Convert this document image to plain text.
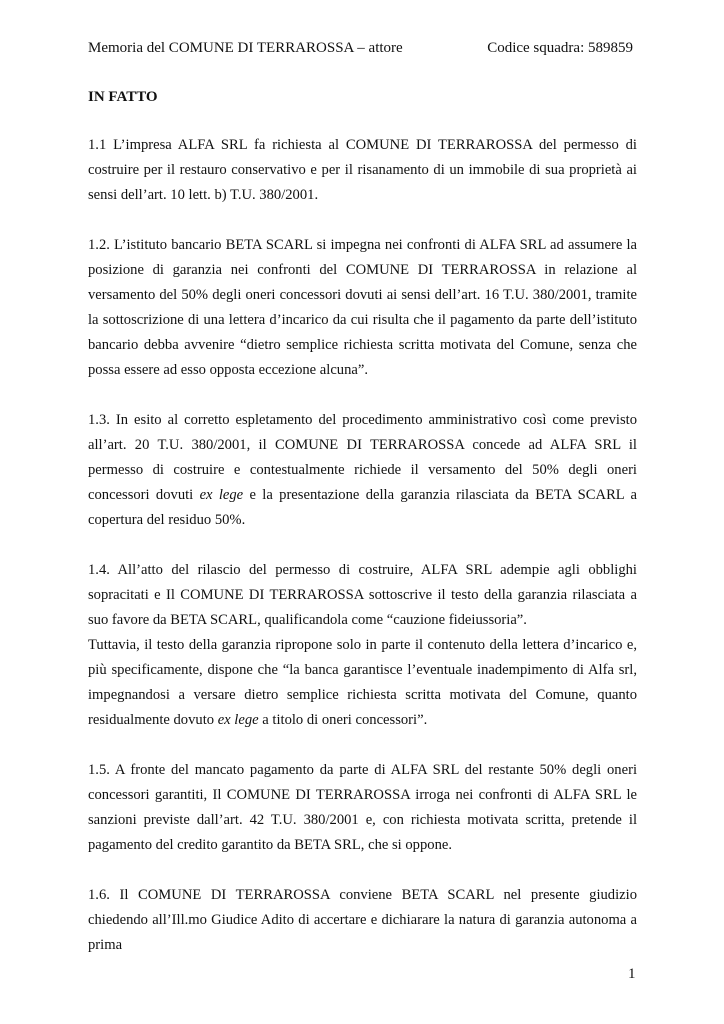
Memoria del COMUNE DI TERRAROSSA – attore	Codice squadra: 589859
IN FATTO

1.1 L’impresa ALFA SRL fa richiesta al COMUNE DI TERRAROSSA del permesso di costruire per il restauro conservativo e per il risanamento di un immobile di sua proprietà ai sensi dell’art. 10 lett. b) T.U. 380/2001.

1.2. L’istituto bancario BETA SCARL si impegna nei confronti di ALFA SRL ad assumere la posizione di garanzia nei confronti del COMUNE DI TERRAROSSA in relazione al versamento del 50% degli oneri concessori dovuti ai sensi dell’art. 16 T.U. 380/2001, tramite la sottoscrizione di una lettera d’incarico da cui risulta che il pagamento da parte dell’istituto bancario debba avvenire “dietro semplice richiesta scritta motivata del Comune, senza che possa essere ad esso opposta eccezione alcuna”.

1.3. In esito al corretto espletamento del procedimento amministrativo così come previsto all’art. 20 T.U. 380/2001, il COMUNE DI TERRAROSSA concede ad ALFA SRL il permesso di costruire e contestualmente richiede il versamento del 50% degli oneri concessori dovuti ex lege e la presentazione della garanzia rilasciata da BETA SCARL a copertura del residuo 50%.

1.4. All’atto del rilascio del permesso di costruire, ALFA SRL adempie agli obblighi sopracitati e Il COMUNE DI TERRAROSSA sottoscrive il testo della garanzia rilasciata a suo favore da BETA SCARL, qualificandola come “cauzione fideiussoria”.

Tuttavia, il testo della garanzia ripropone solo in parte il contenuto della lettera d’incarico e, più specificamente, dispone che “la banca garantisce l’eventuale inadempimento di Alfa srl, impegnandosi a versare dietro semplice richiesta scritta motivata del Comune, quanto residualmente dovuto ex lege a titolo di oneri concessori”.

1.5. A fronte del mancato pagamento da parte di ALFA SRL del restante 50% degli oneri concessori garantiti, Il COMUNE DI TERRAROSSA irroga nei confronti di ALFA SRL le sanzioni previste dall’art. 42 T.U. 380/2001 e, con richiesta motivata scritta, pretende il pagamento del credito garantito da BETA SRL, che si oppone.

1.6. Il COMUNE DI TERRAROSSA conviene BETA SCARL nel presente giudizio chiedendo all’Ill.mo Giudice Adito di accertare e dichiarare la natura di garanzia autonoma a prima

1
